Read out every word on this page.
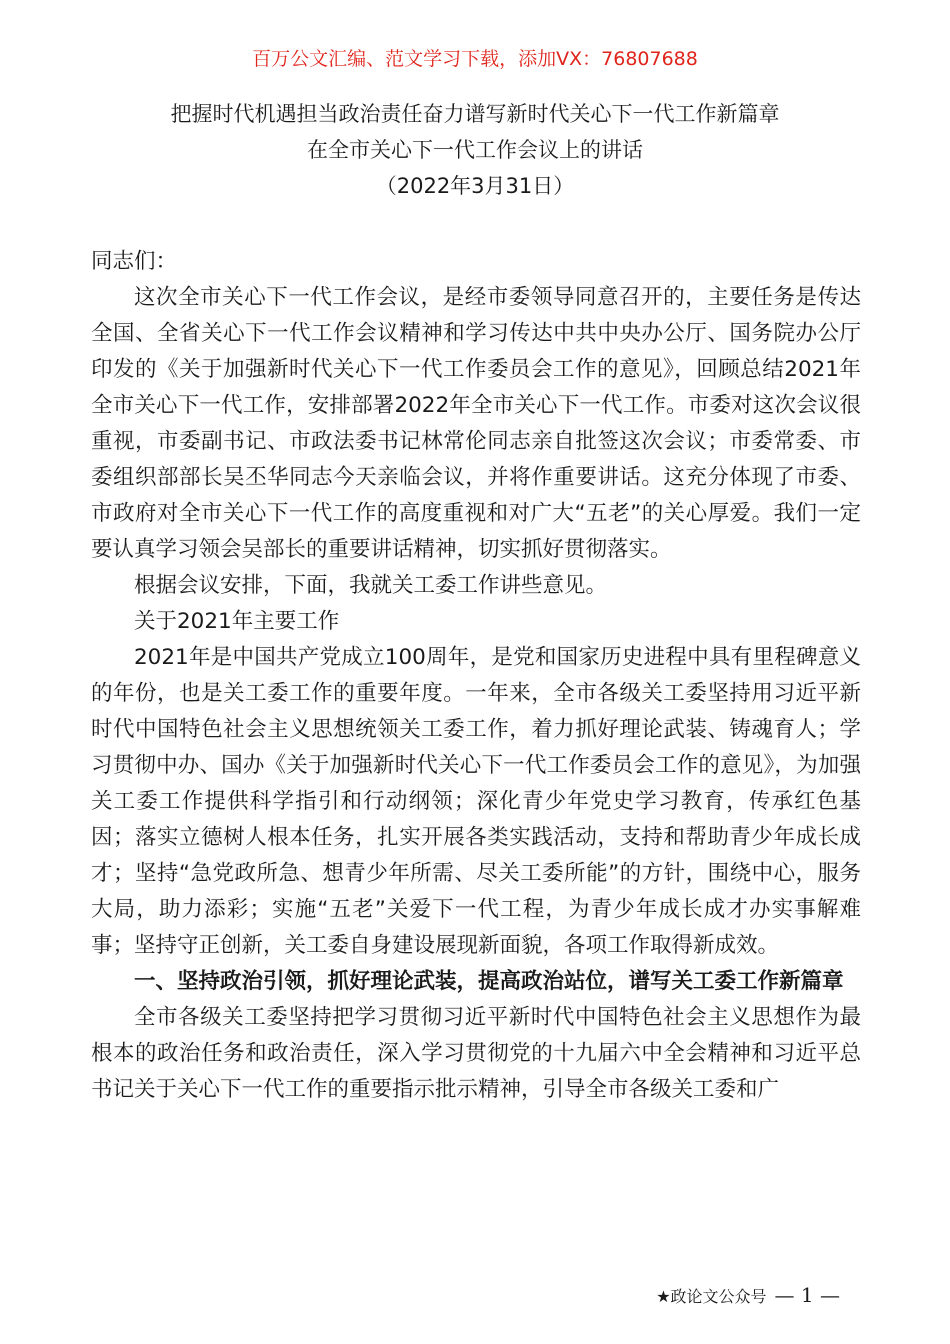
百万公文汇编、范文学习下载，添加VX：76807688
把握时代机遇担当政治责任奋力谱写新时代关心下一代工作新篇章
在全市关心下一代工作会议上的讲话
（2022年3月31日）

同志们：

这次全市关心下一代工作会议，是经市委领导同意召开的，主要任务是传达全国、全省关心下一代工作会议精神和学习传达中共中央办公厅、国务院办公厅印发的《关于加强新时代关心下一代工作委员会工作的意见》，回顾总结2021年全市关心下一代工作，安排部署2022年全市关心下一代工作。市委对这次会议很重视，市委副书记、市政法委书记林常伦同志亲自批签这次会议；市委常委、市委组织部部长吴丕华同志今天亲临会议，并将作重要讲话。这充分体现了市委、市政府对全市关心下一代工作的高度重视和对广大“五老”的关心厚爱。我们一定要认真学习领会吴部长的重要讲话精神，切实抓好贯彻落实。

根据会议安排，下面，我就关工委工作讲些意见。

关于2021年主要工作

2021年是中国共产党成立100周年，是党和国家历史进程中具有里程碑意义的年份，也是关工委工作的重要年度。一年来，全市各级关工委坚持用习近平新时代中国特色社会主义思想统领关工委工作，着力抓好理论武装、铸魂育人；学习贯彻中办、国办《关于加强新时代关心下一代工作委员会工作的意见》，为加强关工委工作提供科学指引和行动纲领；深化青少年党史学习教育，传承红色基因；落实立德树人根本任务，扎实开展各类实践活动，支持和帮助青少年成长成才；坚持“急党政所急、想青少年所需、尽关工委所能”的方针，围绕中心，服务大局，助力添彩；实施“五老”关爱下一代工程，为青少年成长成才办实事解难事；坚持守正创新，关工委自身建设展现新面貌，各项工作取得新成效。

一、坚持政治引领，抓好理论武装，提高政治站位，谱写关工委工作新篇章

全市各级关工委坚持把学习贯彻习近平新时代中国特色社会主义思想作为最根本的政治任务和政治责任，深入学习贯彻党的十九届六中全会精神和习近平总书记关于关心下一代工作的重要指示批示精神，引导全市各级关工委和广

★政论文公众号 — 1 —
